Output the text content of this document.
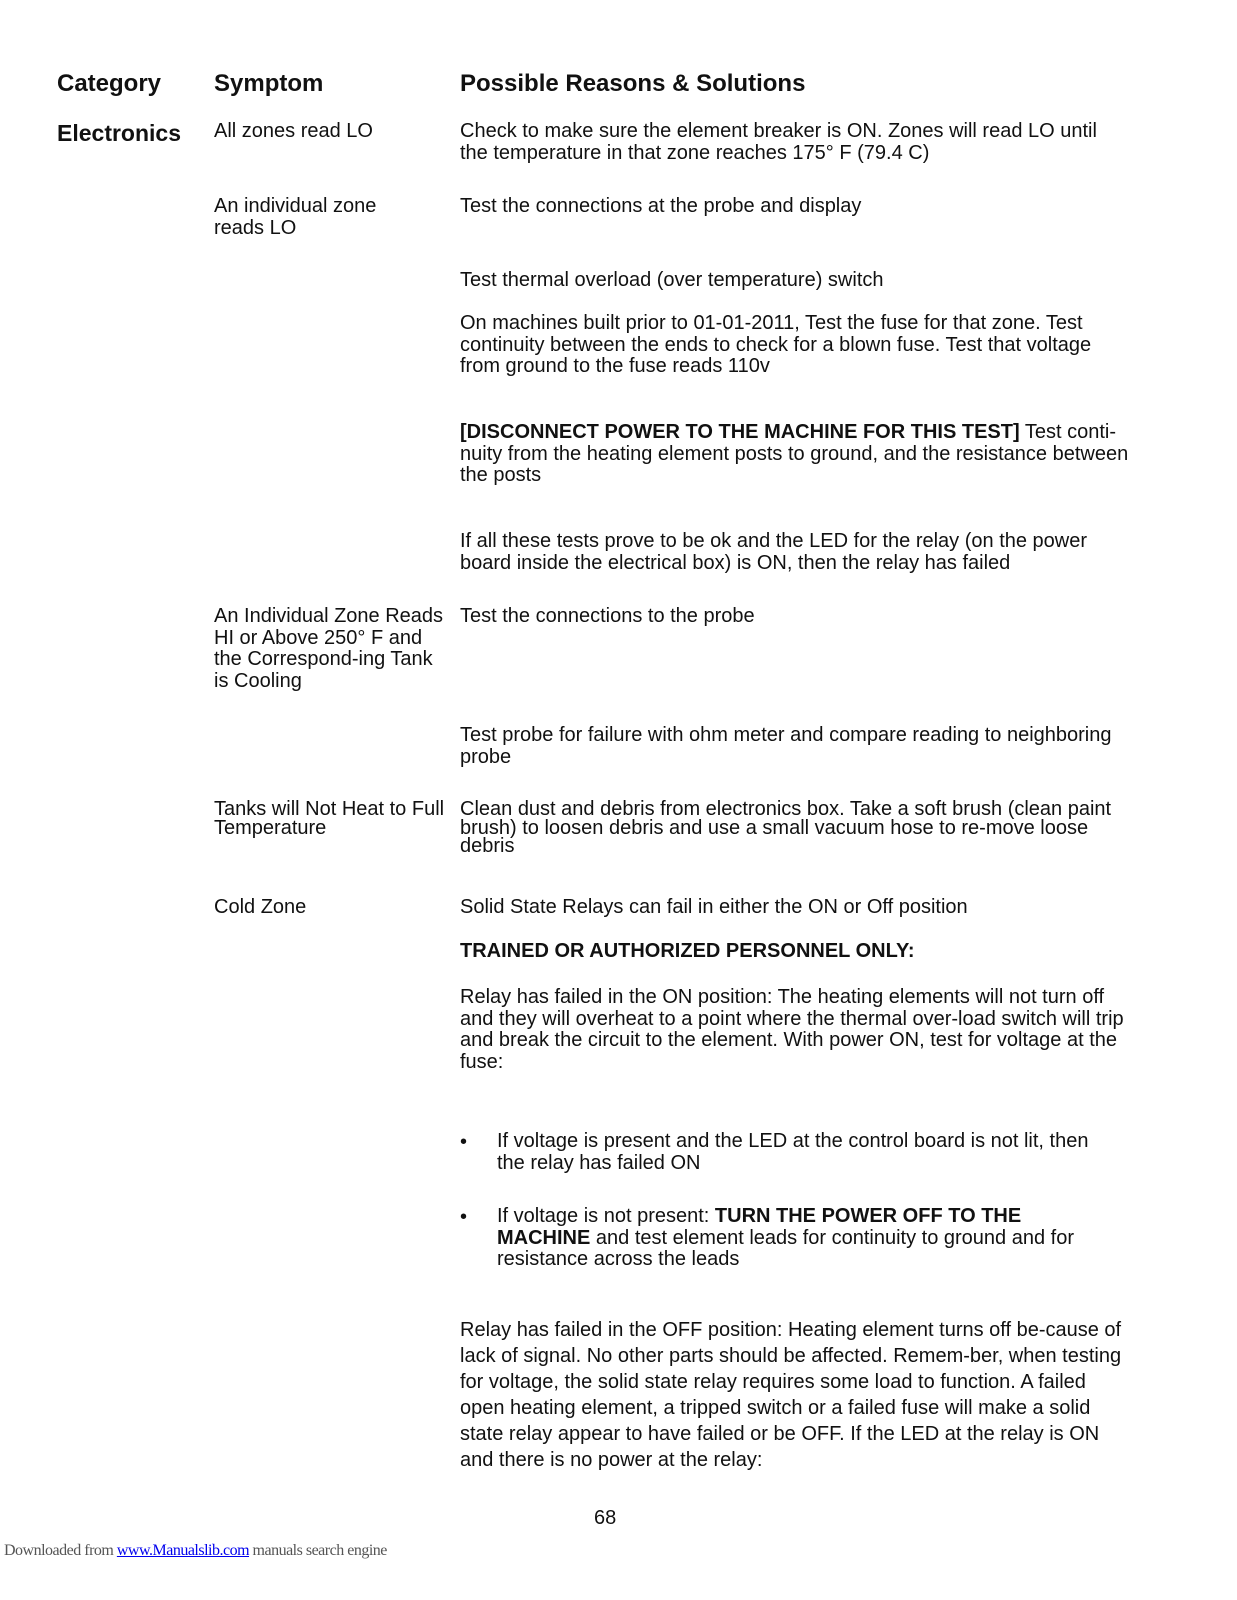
Category Symptom	Possible Reasons & Solutions
Electronics All zones read LO
An individual zone reads LO
An Individual Zone Reads HI or Above 250° F and the Correspond-ing Tank is Cooling
Tanks will Not Heat to Full Temperature
Cold Zone
Check to make sure the element breaker is ON. Zones will read LO until the temperature in that zone reaches 175° F (79.4 C)
Test the connections at the probe and display
Test thermal overload (over temperature) switch
On machines built prior to 01-01-2011, Test the fuse for that zone. Test continuity between the ends to check for a blown fuse. Test that voltage from ground to the fuse reads 110v
[DISCONNECT POWER TO THE MACHINE FOR THIS TEST] Test conti-nuity from the heating element posts to ground, and the resistance between the posts
If all these tests prove to be ok and the LED for the relay (on the power board inside the electrical box) is ON, then the relay has failed
Test the connections to the probe
Test probe for failure with ohm meter and compare reading to neighboring probe
Clean dust and debris from electronics box. Take a soft brush (clean paint brush) to loosen debris and use a small vacuum hose to re-move loose debris
Solid State Relays can fail in either the ON or Off position
TRAINED OR AUTHORIZED PERSONNEL ONLY:
Relay has failed in the ON position: The heating elements will not turn off and they will overheat to a point where the thermal over-load switch will trip and break the circuit to the element. With power ON, test for voltage at the fuse:
• If voltage is present and the LED at the control board is not lit, then the relay has failed ON
• If voltage is not present: TURN THE POWER OFF TO THE MACHINE and test element leads for continuity to ground and for resistance across the leads
Relay has failed in the OFF position: Heating element turns off be-cause of lack of signal. No other parts should be affected. Remem-ber, when testing for voltage, the solid state relay requires some load to function. A failed open heating element, a tripped switch or a failed fuse will make a solid state relay appear to have failed or be OFF. If the LED at the relay is ON and there is no power at the relay:
68
Downloaded from www.Manualslib.com manuals search engine
